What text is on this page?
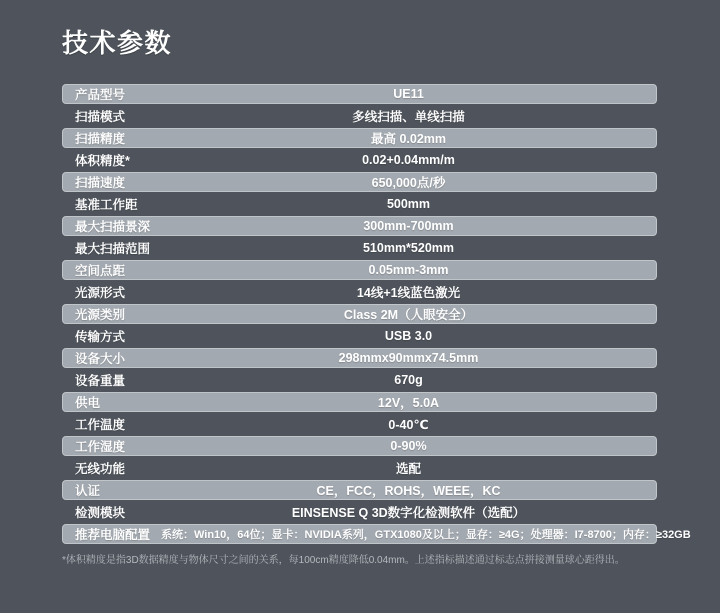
技术参数
产品型号	UE11
扫描模式	多线扫描、单线扫描
扫描精度	最高 0.02mm
体积精度*	0.02+0.04mm/m
扫描速度	650,000点/秒
基准工作距	500mm
最大扫描景深	300mm-700mm
最大扫描范围	510mm*520mm
空间点距	0.05mm-3mm
光源形式	14线+1线蓝色激光
光源类别	Class 2M（人眼安全）
传输方式	USB 3.0
设备大小	298mmx90mmx74.5mm
设备重量	670g
供电	12V，5.0A
工作温度	0-40℃
工作湿度	0-90%
无线功能	选配
认证	CE，FCC，ROHS，WEEE，KC
检测模块	EINSENSE Q 3D数字化检测软件（选配）
推荐电脑配置 系统：Win10，64位；显卡：NVIDIA系列，GTX1080及以上；显存：≥4G；处理器：I7-8700；内存：≥32GB
*体积精度是指3D数据精度与物体尺寸之间的关系，每100cm精度降低0.04mm。上述指标描述通过标志点拼接测量球心距得出。
